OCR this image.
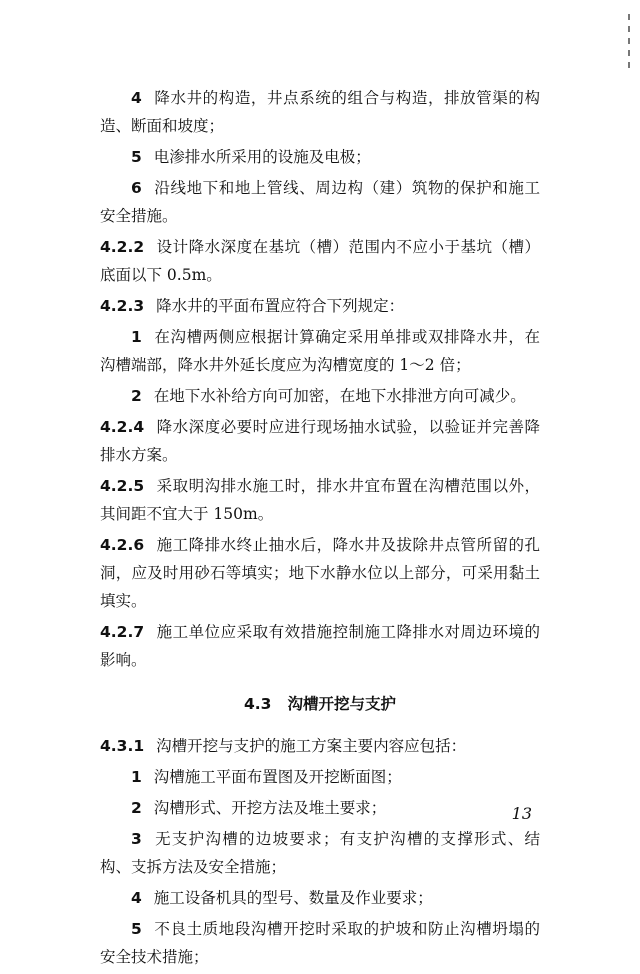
4 降水井的构造，井点系统的组合与构造，排放管渠的构造、断面和坡度；

5 电渗排水所采用的设施及电极；

6 沿线地下和地上管线、周边构（建）筑物的保护和施工安全措施。

4.2.2 设计降水深度在基坑（槽）范围内不应小于基坑（槽）底面以下 0.5m。

4.2.3 降水井的平面布置应符合下列规定：

1 在沟槽两侧应根据计算确定采用单排或双排降水井，在沟槽端部，降水井外延长度应为沟槽宽度的 1～2 倍；

2 在地下水补给方向可加密，在地下水排泄方向可减少。

4.2.4 降水深度必要时应进行现场抽水试验，以验证并完善降排水方案。

4.2.5 采取明沟排水施工时，排水井宜布置在沟槽范围以外，其间距不宜大于 150m。

4.2.6 施工降排水终止抽水后，降水井及拔除井点管所留的孔洞，应及时用砂石等填实；地下水静水位以上部分，可采用黏土填实。

4.2.7 施工单位应采取有效措施控制施工降排水对周边环境的影响。

4.3 沟槽开挖与支护

4.3.1 沟槽开挖与支护的施工方案主要内容应包括：

1 沟槽施工平面布置图及开挖断面图；

2 沟槽形式、开挖方法及堆土要求；

3 无支护沟槽的边坡要求；有支护沟槽的支撑形式、结构、支拆方法及安全措施；

4 施工设备机具的型号、数量及作业要求；

5 不良土质地段沟槽开挖时采取的护坡和防止沟槽坍塌的安全技术措施；

13
